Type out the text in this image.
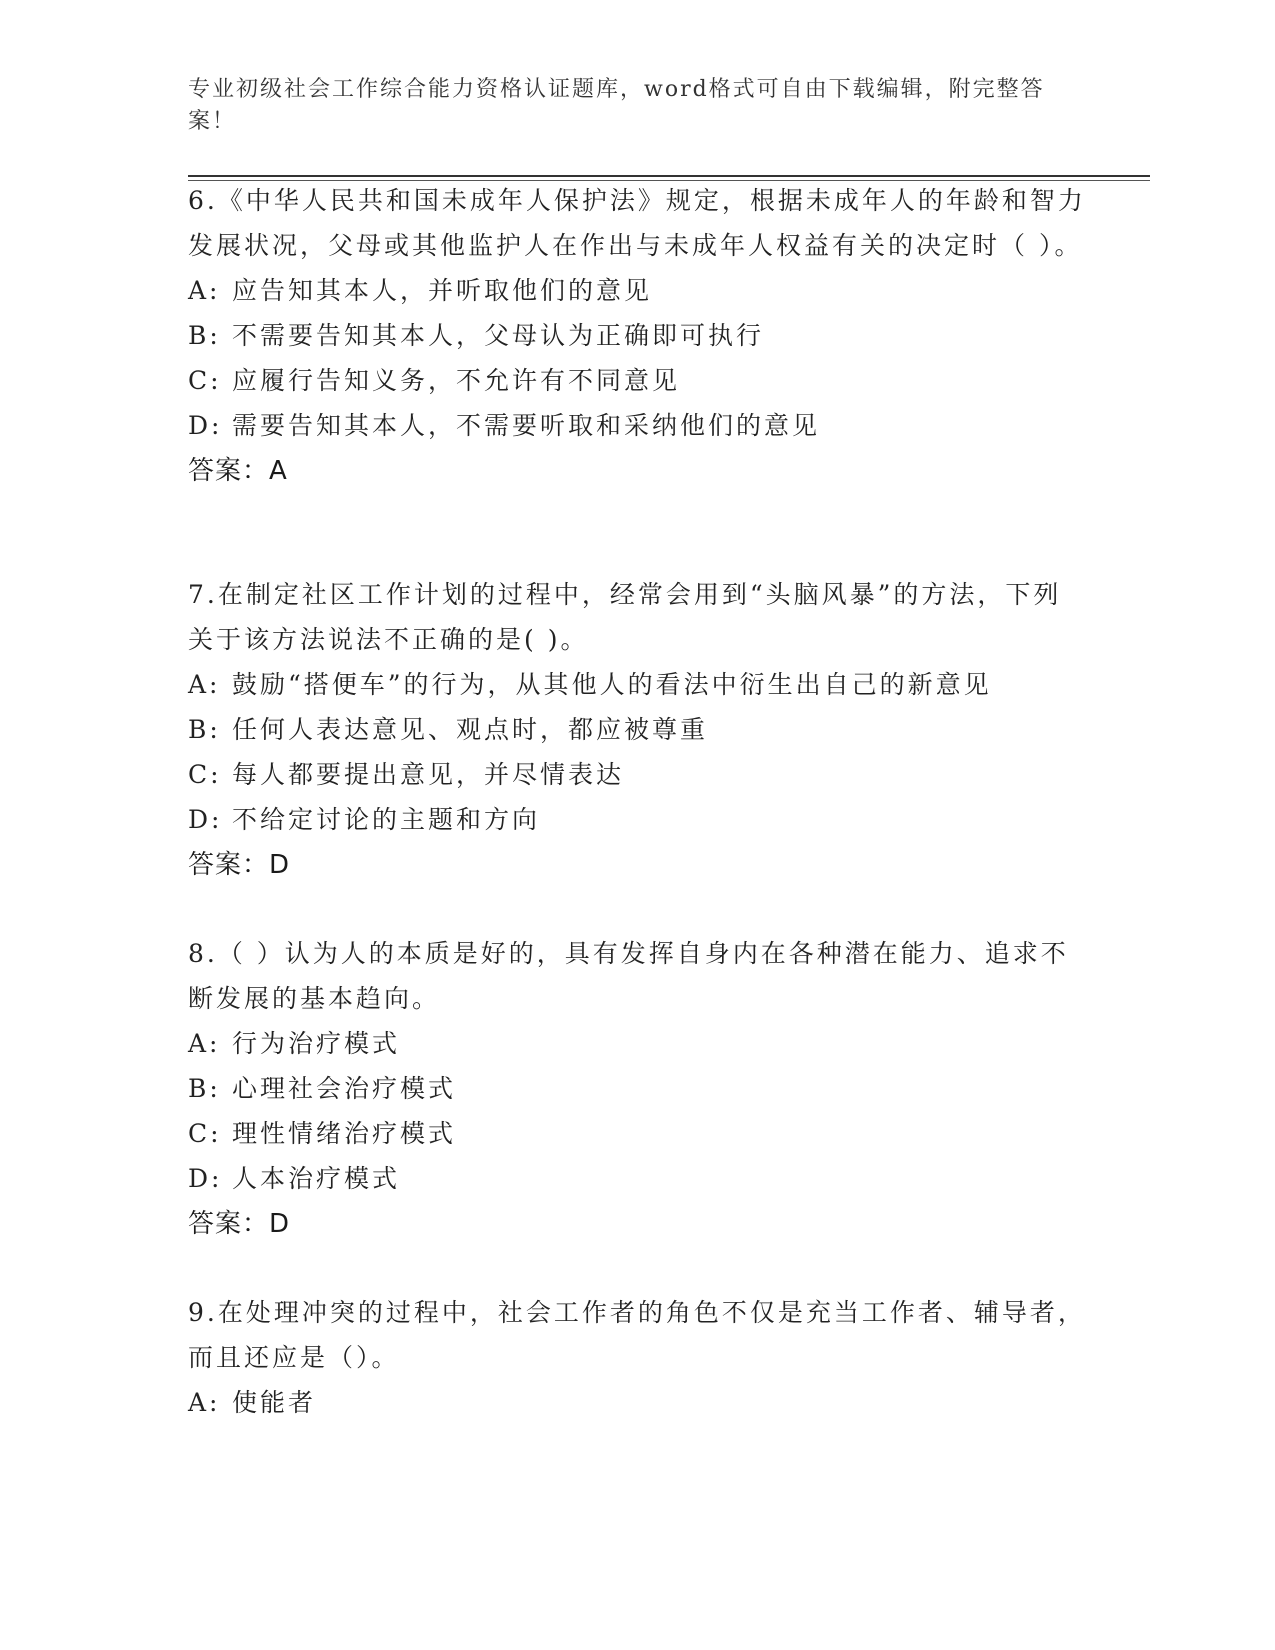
专业初级社会工作综合能力资格认证题库，word格式可自由下载编辑，附完整答案！

6.《中华人民共和国未成年人保护法》规定，根据未成年人的年龄和智力发展状况，父母或其他监护人在作出与未成年人权益有关的决定时（ ）。

A: 应告知其本人，并听取他们的意见

B: 不需要告知其本人，父母认为正确即可执行

C: 应履行告知义务，不允许有不同意见

D: 需要告知其本人，不需要听取和采纳他们的意见

答案：A

7.在制定社区工作计划的过程中，经常会用到“头脑风暴”的方法，下列关于该方法说法不正确的是( )。

A: 鼓励“搭便车”的行为，从其他人的看法中衍生出自己的新意见

B: 任何人表达意见、观点时，都应被尊重

C: 每人都要提出意见，并尽情表达

D: 不给定讨论的主题和方向

答案：D

8.（ ）认为人的本质是好的，具有发挥自身内在各种潜在能力、追求不断发展的基本趋向。

A: 行为治疗模式

B: 心理社会治疗模式

C: 理性情绪治疗模式

D: 人本治疗模式

答案：D

9.在处理冲突的过程中，社会工作者的角色不仅是充当工作者、辅导者，而且还应是（）。

A: 使能者
